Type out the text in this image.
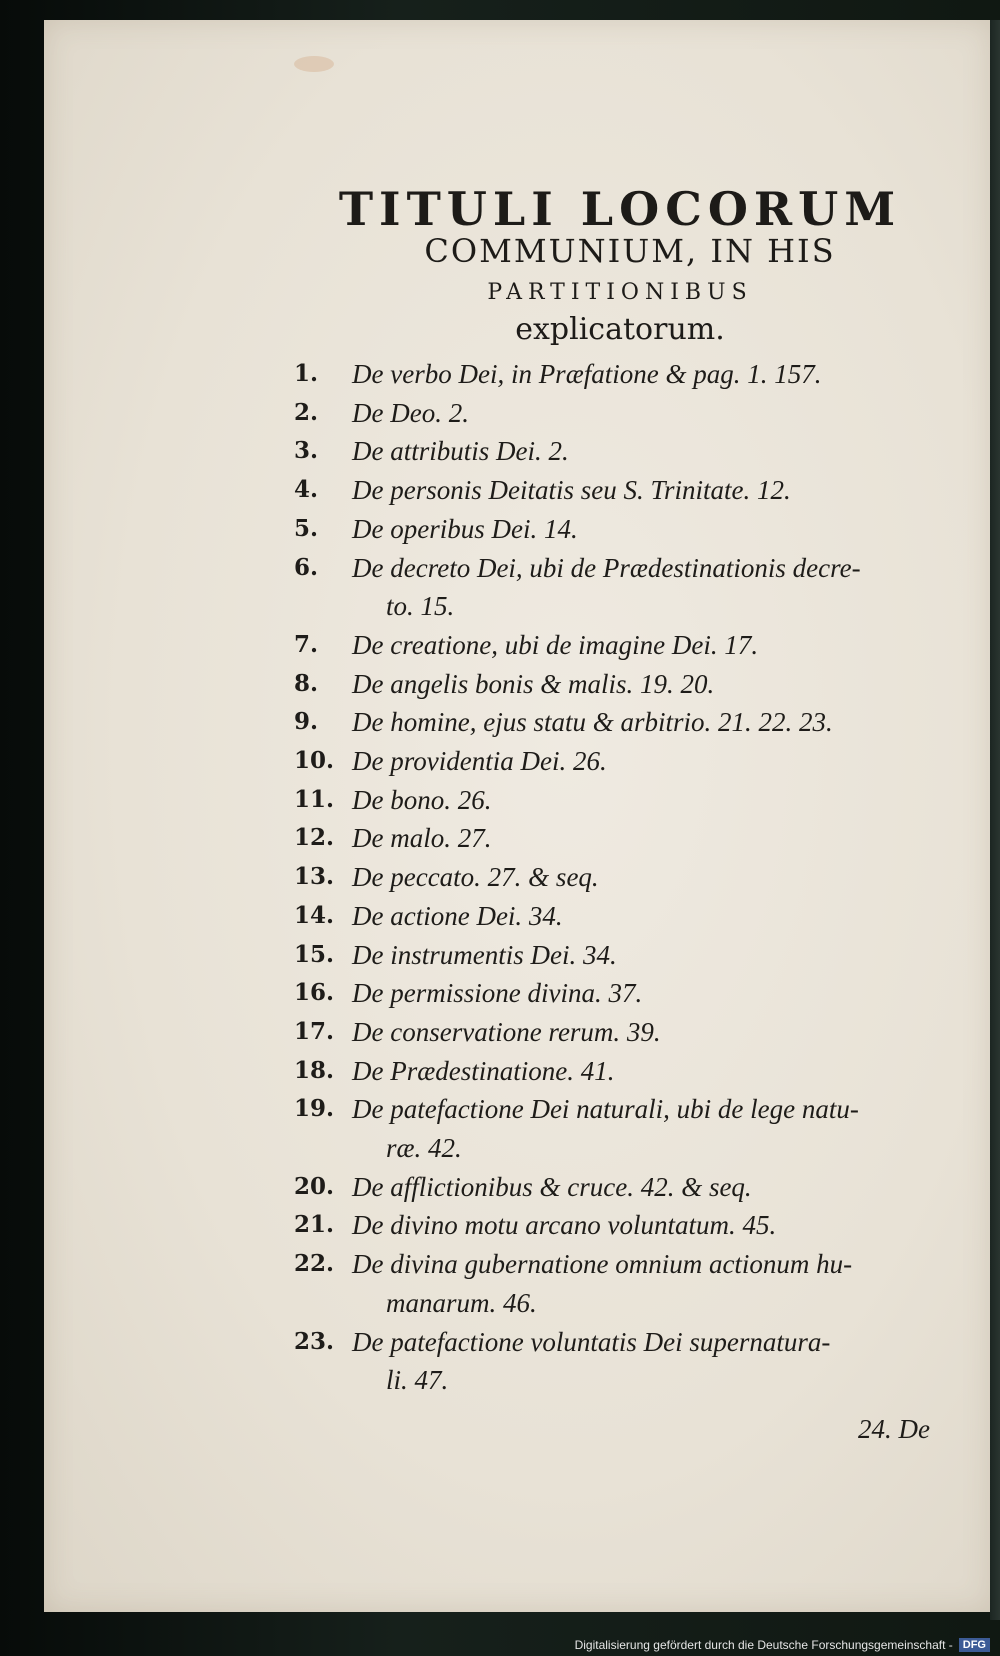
TITULI LOCORUM
COMMUNIUM, IN HIS
PARTITIONIBUS
explicatorum.
1.	De verbo Dei, in Præfatione & pag. 1. 157.
2.	De Deo. 2.
3.	De attributis Dei. 2.
4.	De personis Deitatis seu S. Trinitate. 12.
5.	De operibus Dei. 14.
6.	De decreto Dei, ubi de Prædestinationis decre-
to. 15.
7.	De creatione, ubi de imagine Dei. 17.
8.	De angelis bonis & malis. 19. 20.
9.	De homine, ejus statu & arbitrio. 21. 22. 23.
10. De providentia Dei. 26.
11. De bono. 26.
12. De malo. 27.
13. De peccato. 27. & seq.
14. De actione Dei. 34.
15. De instrumentis Dei. 34.
16. De permissione divina. 37.
17. De conservatione rerum. 39.
18. De Prædestinatione. 41.
19. De patefactione Dei naturali, ubi de lege natu-
ræ. 42.
20. De afflictionibus & cruce. 42. & seq.
21. De divino motu arcano voluntatum. 45.
22. De divina gubernatione omnium actionum hu-
manarum. 46.
23. De patefactione voluntatis Dei supernatura-
li. 47.
24. De
Digitalisierung gefördert durch die Deutsche Forschungsgemeinschaft - DFG
